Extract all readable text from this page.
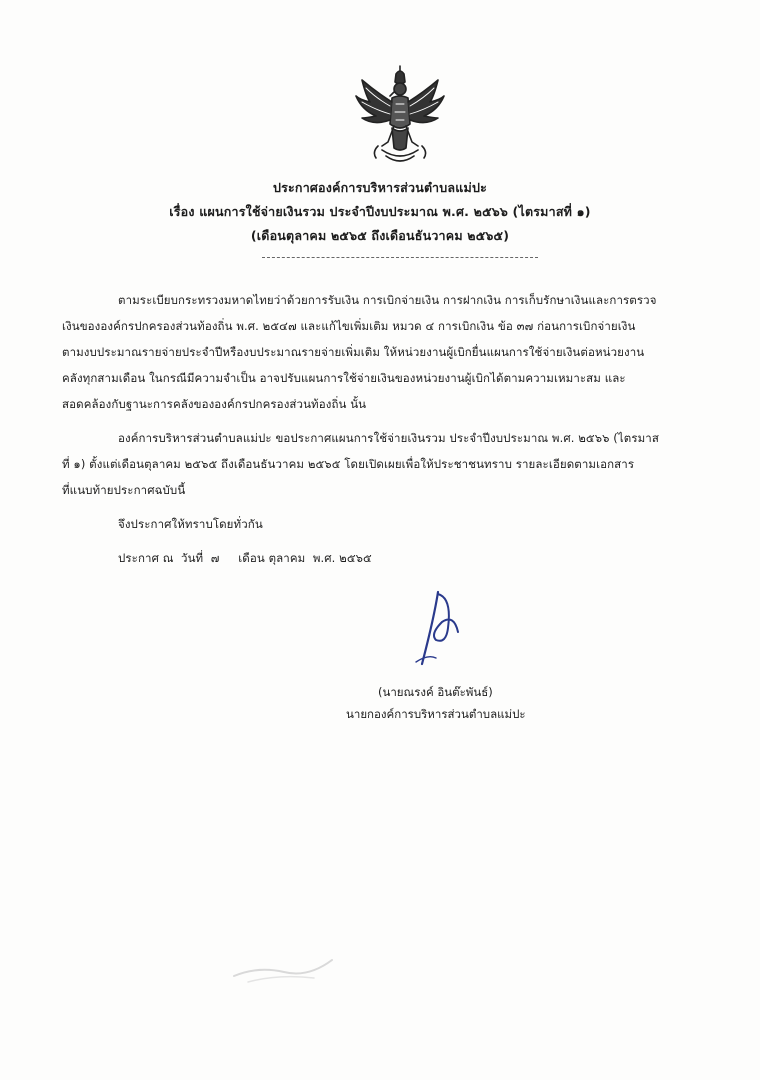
ประกาศองค์การบริหารส่วนตำบลแม่ปะ
เรื่อง แผนการใช้จ่ายเงินรวม ประจำปีงบประมาณ พ.ศ. ๒๕๖๖ (ไตรมาสที่ ๑)
(เดือนตุลาคม ๒๕๖๕ ถึงเดือนธันวาคม ๒๕๖๕)
ตามระเบียบกระทรวงมหาดไทยว่าด้วยการรับเงิน การเบิกจ่ายเงิน การฝากเงิน การเก็บรักษาเงินและการตรวจ
เงินขององค์กรปกครองส่วนท้องถิ่น พ.ศ. ๒๕๔๗ และแก้ไขเพิ่มเติม หมวด ๔ การเบิกเงิน ข้อ ๓๗ ก่อนการเบิกจ่ายเงิน
ตามงบประมาณรายจ่ายประจำปีหรืองบประมาณรายจ่ายเพิ่มเติม ให้หน่วยงานผู้เบิกยื่นแผนการใช้จ่ายเงินต่อหน่วยงาน
คลังทุกสามเดือน ในกรณีมีความจำเป็น อาจปรับแผนการใช้จ่ายเงินของหน่วยงานผู้เบิกได้ตามความเหมาะสม และ
สอดคล้องกับฐานะการคลังขององค์กรปกครองส่วนท้องถิ่น นั้น
องค์การบริหารส่วนตำบลแม่ปะ ขอประกาศแผนการใช้จ่ายเงินรวม ประจำปีงบประมาณ พ.ศ. ๒๕๖๖ (ไตรมาส
ที่ ๑) ตั้งแต่เดือนตุลาคม ๒๕๖๕ ถึงเดือนธันวาคม ๒๕๖๕ โดยเปิดเผยเพื่อให้ประชาชนทราบ รายละเอียดตามเอกสาร
ที่แนบท้ายประกาศฉบับนี้
จึงประกาศให้ทราบโดยทั่วกัน
ประกาศ ณ  วันที่  ๗     เดือน ตุลาคม  พ.ศ. ๒๕๖๕
(นายณรงค์ อินต๊ะพันธ์)
นายกองค์การบริหารส่วนตำบลแม่ปะ
